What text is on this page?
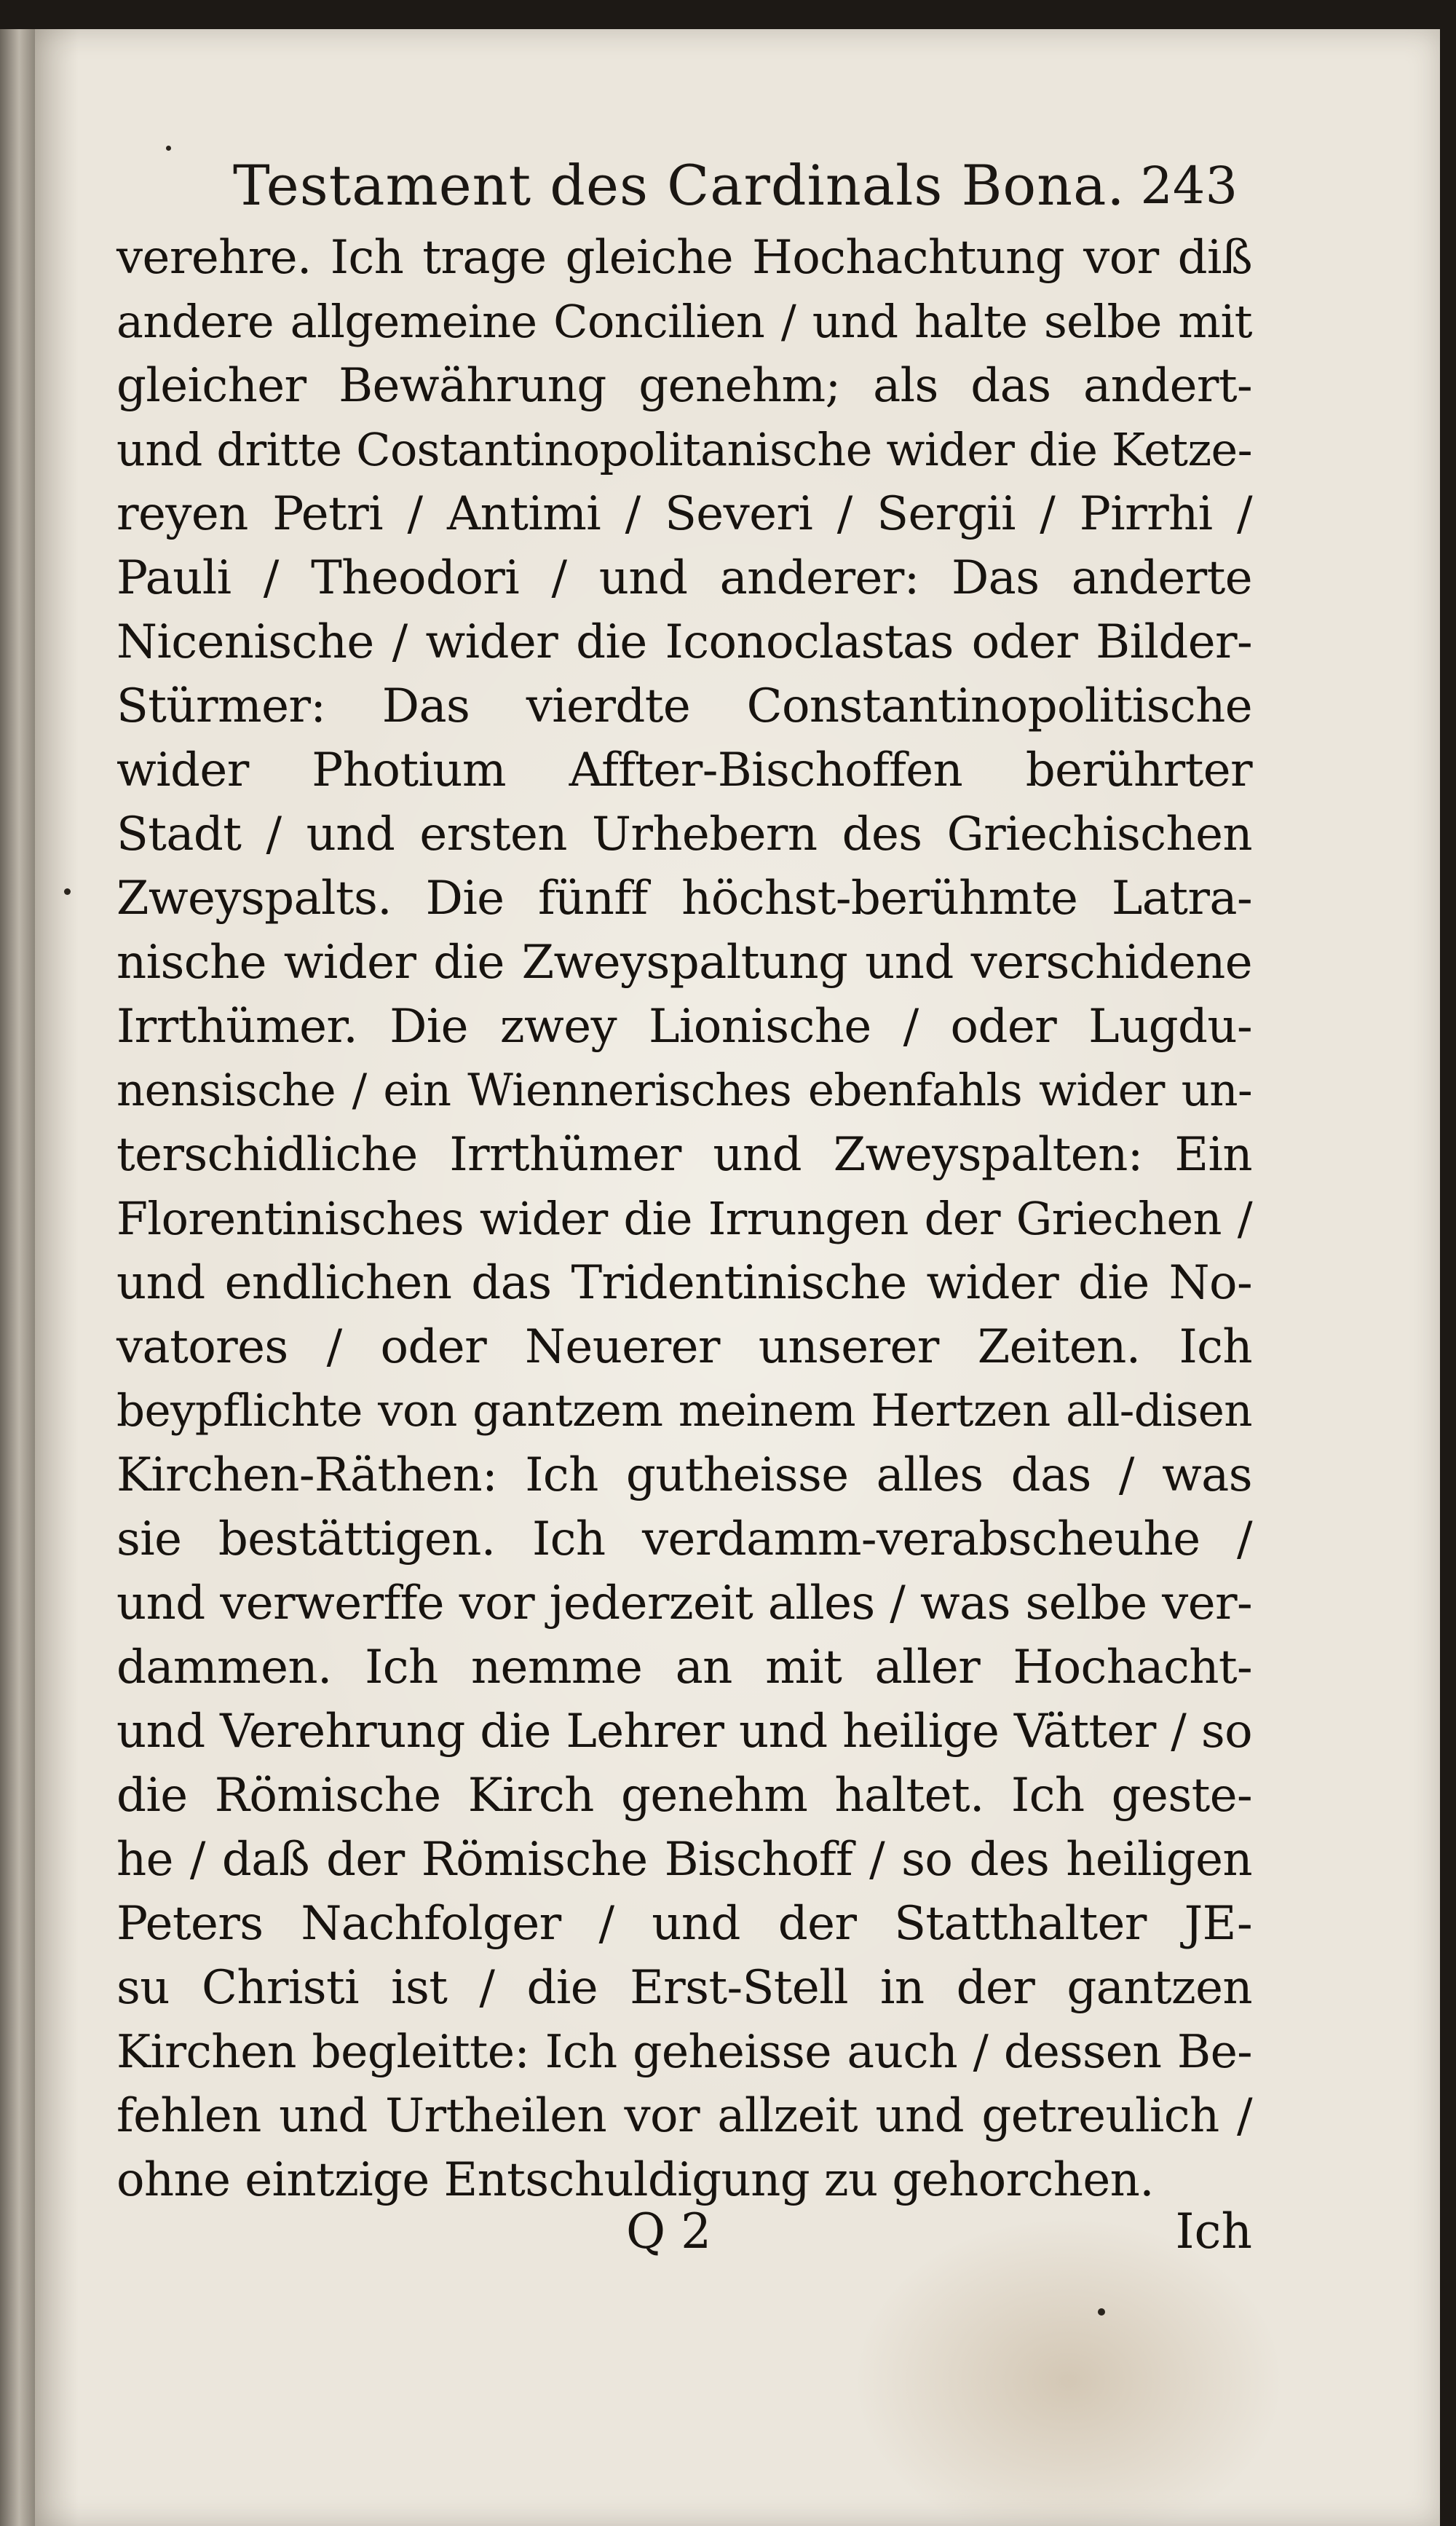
Testament des Cardinals Bona. 243
verehre. Ich trage gleiche Hochachtung vor diß
andere allgemeine Concilien / und halte selbe mit
gleicher Bewährung genehm; als das andert-
und dritte Costantinopolitanische wider die Ketze-
reyen Petri / Antimi / Severi / Sergii / Pirrhi /
Pauli / Theodori / und anderer: Das anderte
Nicenische / wider die Iconoclastas oder Bilder-
Stürmer: Das vierdte Constantinopolitische
wider Photium Affter-Bischoffen berührter
Stadt / und ersten Urhebern des Griechischen
Zweyspalts. Die fünff höchst-berühmte Latra-
nische wider die Zweyspaltung und verschidene
Irrthümer. Die zwey Lionische / oder Lugdu-
nensische / ein Wiennerisches ebenfahls wider un-
terschidliche Irrthümer und Zweyspalten: Ein
Florentinisches wider die Irrungen der Griechen /
und endlichen das Tridentinische wider die No-
vatores / oder Neuerer unserer Zeiten. Ich
beypflichte von gantzem meinem Hertzen all-disen
Kirchen-Räthen: Ich gutheisse alles das / was
sie bestättigen. Ich verdamm-verabscheuhe /
und verwerffe vor jederzeit alles / was selbe ver-
dammen. Ich nemme an mit aller Hochacht-
und Verehrung die Lehrer und heilige Vätter / so
die Römische Kirch genehm haltet. Ich geste-
he / daß der Römische Bischoff / so des heiligen
Peters Nachfolger / und der Statthalter JE-
su Christi ist / die Erst-Stell in der gantzen
Kirchen begleitte: Ich geheisse auch / dessen Be-
fehlen und Urtheilen vor allzeit und getreulich /
ohne eintzige Entschuldigung zu gehorchen.
Q 2	Ich
